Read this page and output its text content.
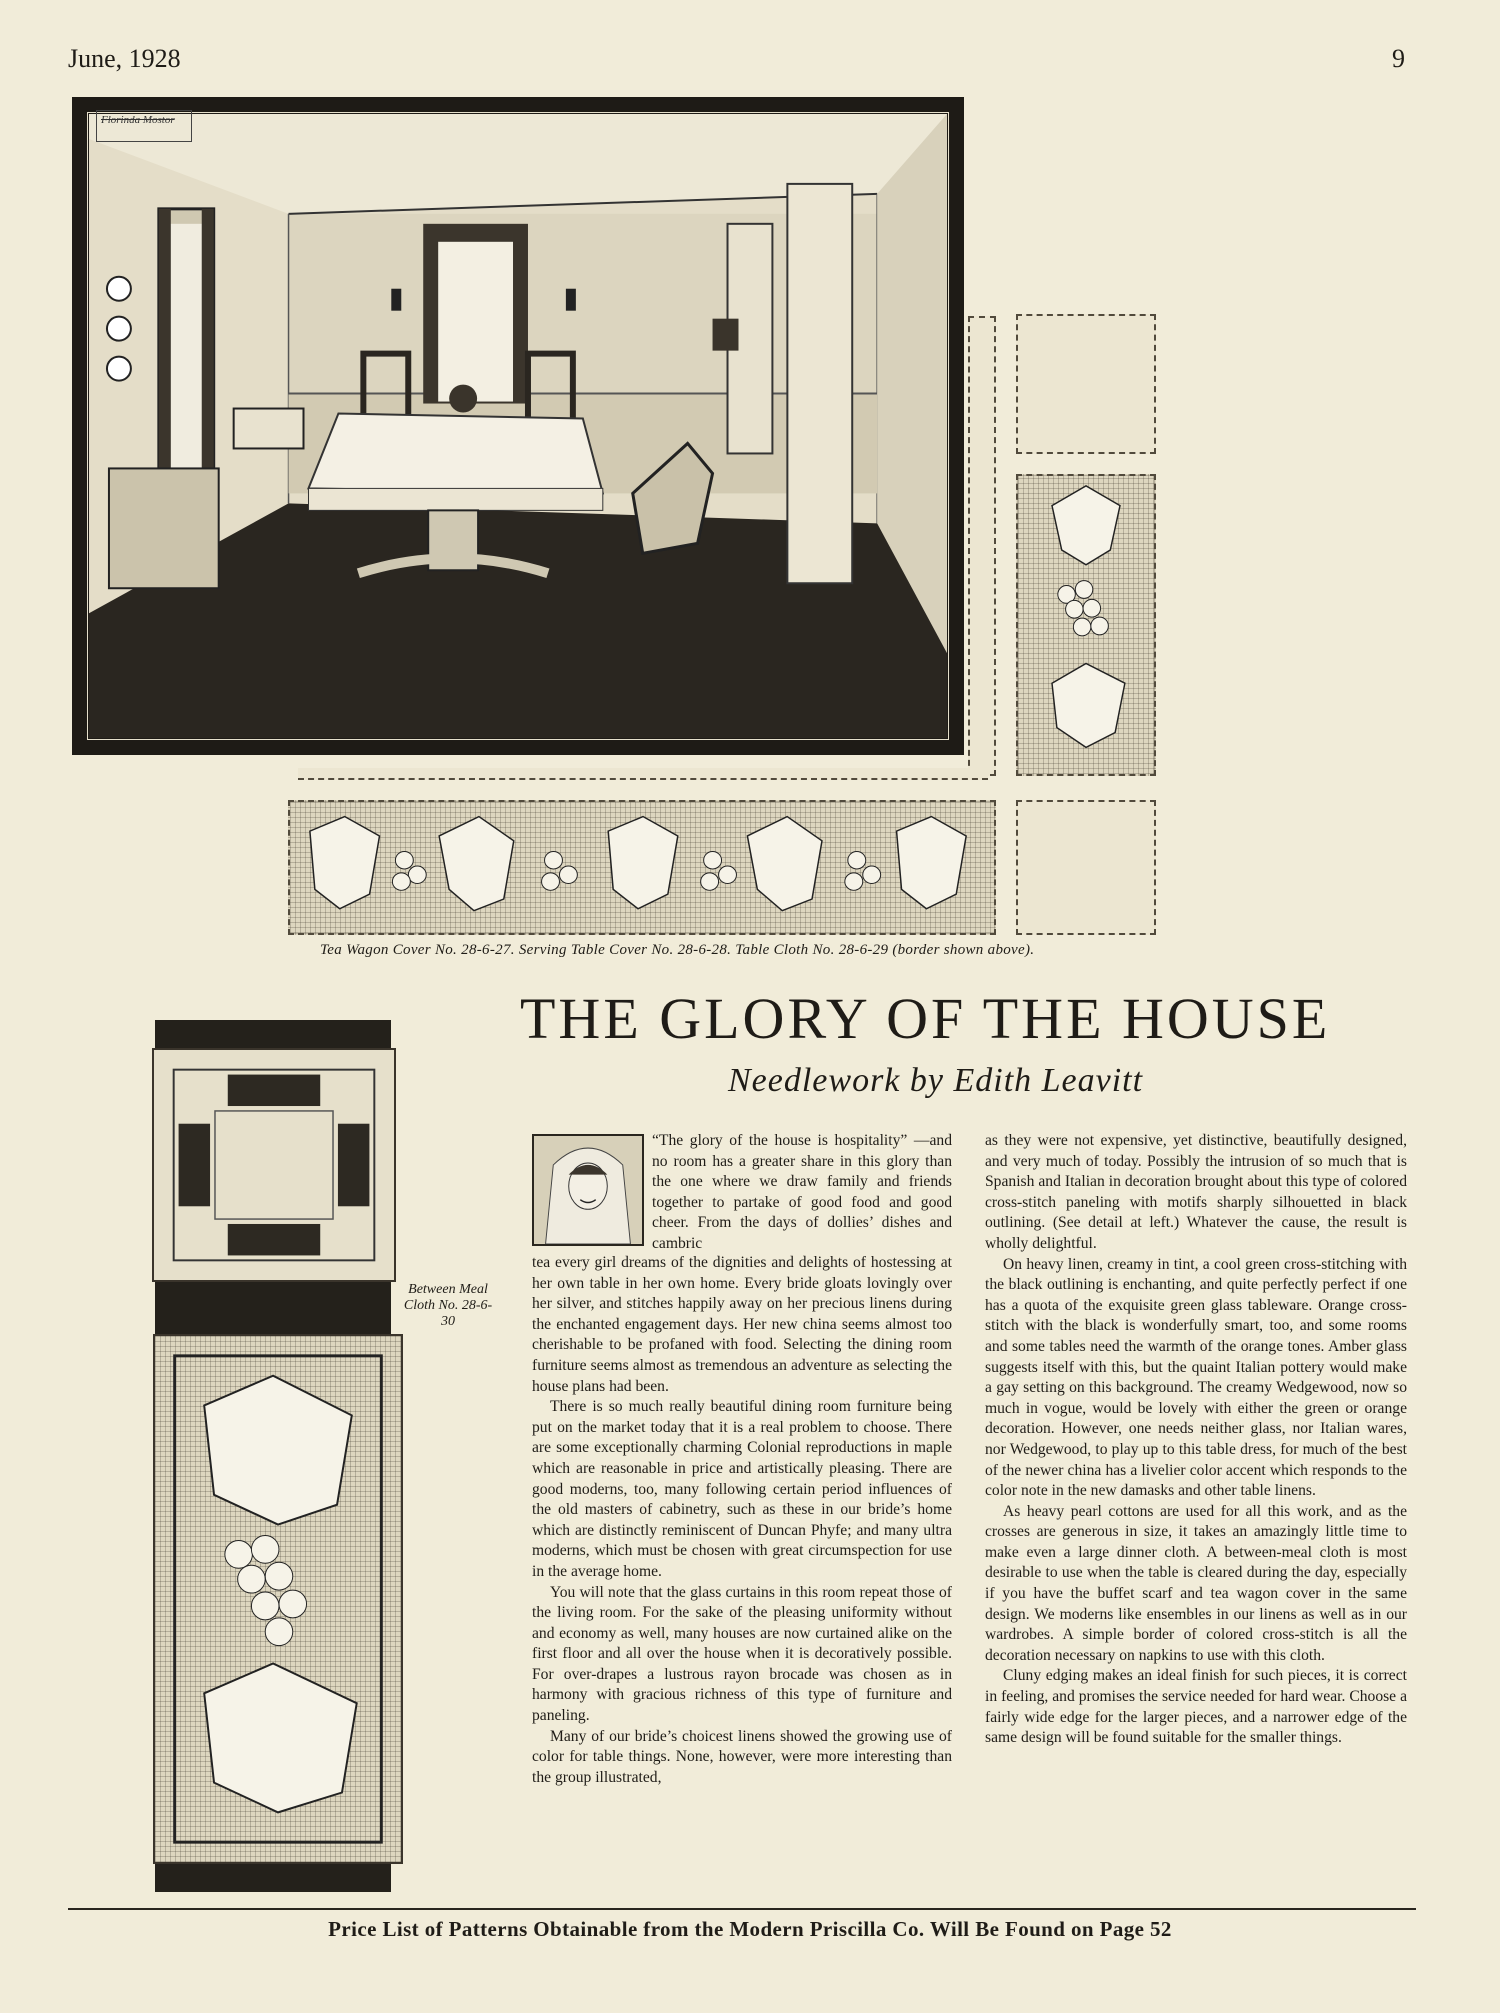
June, 1928	9
Florinda Mostor
Tea Wagon Cover No. 28-6-27. Serving Table Cover No. 28-6-28. Table Cloth No. 28-6-29 (border shown above).
THE GLORY OF THE HOUSE
Needlework by Edith Leavitt
Between Meal Cloth No. 28-6-30

“The glory of the house is hospitality” —and no room has a greater share in this glory than the one where we draw family and friends together to partake of good food and good cheer. From the days of dollies’ dishes and cambric

tea every girl dreams of the dignities and delights of hostessing at her own table in her own home. Every bride gloats lovingly over her silver, and stitches happily away on her precious linens during the enchanted engagement days. Her new china seems almost too cherishable to be profaned with food. Selecting the dining room furniture seems almost as tremendous an adventure as selecting the house plans had been.

There is so much really beautiful dining room furniture being put on the market today that it is a real problem to choose. There are some exceptionally charming Colonial reproductions in maple which are reasonable in price and artistically pleasing. There are good moderns, too, many following certain period influences of the old masters of cabinetry, such as these in our bride’s home which are distinctly reminiscent of Duncan Phyfe; and many ultra moderns, which must be chosen with great circumspection for use in the average home.

You will note that the glass curtains in this room repeat those of the living room. For the sake of the pleasing uniformity without and economy as well, many houses are now curtained alike on the first floor and all over the house when it is decoratively possible. For over-drapes a lustrous rayon brocade was chosen as in harmony with gracious richness of this type of furniture and paneling.

Many of our bride’s choicest linens showed the growing use of color for table things. None, however, were more interesting than the group illustrated,

as they were not expensive, yet distinctive, beautifully designed, and very much of today. Possibly the intrusion of so much that is Spanish and Italian in decoration brought about this type of colored cross-stitch paneling with motifs sharply silhouetted in black outlining. (See detail at left.) Whatever the cause, the result is wholly delightful.

On heavy linen, creamy in tint, a cool green cross-stitching with the black outlining is enchanting, and quite perfectly perfect if one has a quota of the exquisite green glass tableware. Orange cross-stitch with the black is wonderfully smart, too, and some rooms and some tables need the warmth of the orange tones. Amber glass suggests itself with this, but the quaint Italian pottery would make a gay setting on this background. The creamy Wedgewood, now so much in vogue, would be lovely with either the green or orange decoration. However, one needs neither glass, nor Italian wares, nor Wedgewood, to play up to this table dress, for much of the best of the newer china has a livelier color accent which responds to the color note in the new damasks and other table linens.

As heavy pearl cottons are used for all this work, and as the crosses are generous in size, it takes an amazingly little time to make even a large dinner cloth. A between-meal cloth is most desirable to use when the table is cleared during the day, especially if you have the buffet scarf and tea wagon cover in the same design. We moderns like ensembles in our linens as well as in our wardrobes. A simple border of colored cross-stitch is all the decoration necessary on napkins to use with this cloth.

Cluny edging makes an ideal finish for such pieces, it is correct in feeling, and promises the service needed for hard wear. Choose a fairly wide edge for the larger pieces, and a narrower edge of the same design will be found suitable for the smaller things.

Price List of Patterns Obtainable from the Modern Priscilla Co. Will Be Found on Page 52
